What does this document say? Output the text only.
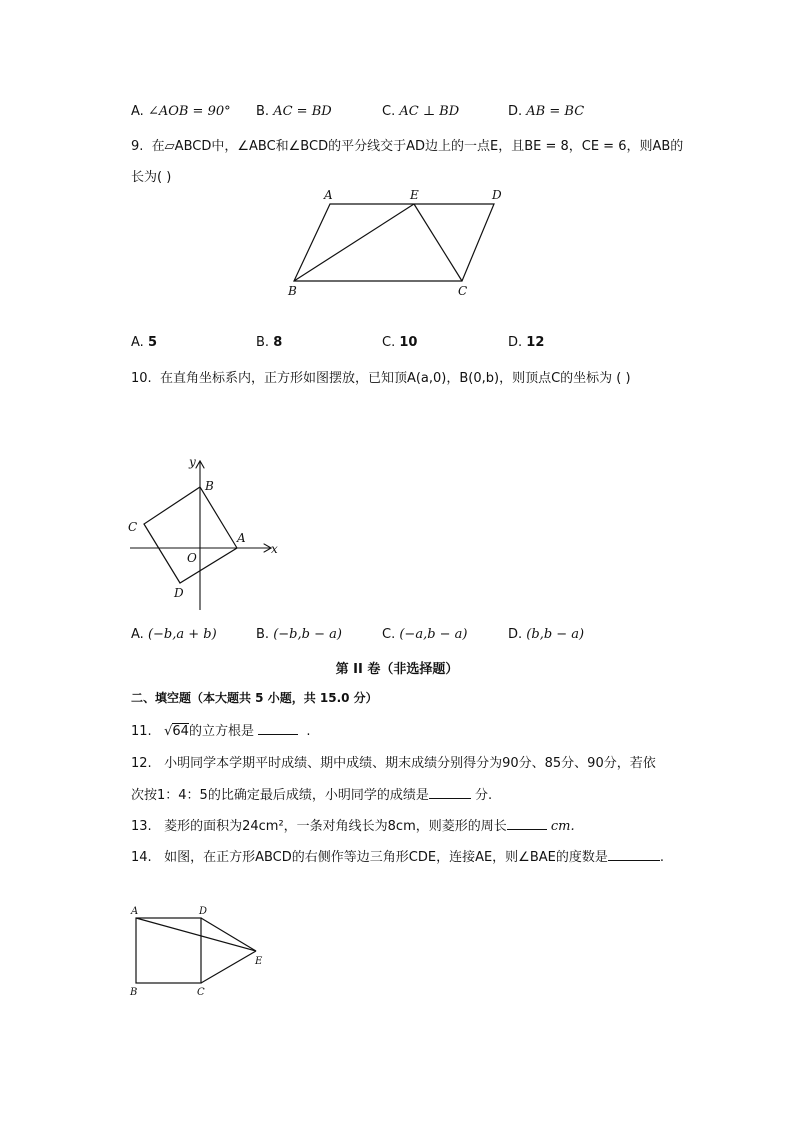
A. ∠AOB = 90° B. AC = BD	C. AC ⊥ BD	D. AB = BC
9. 在▱ABCD中，∠ABC和∠BCD的平分线交于AD边上的一点E，且BE = 8，CE = 6，则AB的
长为( )
A	E	D
B	C
A. 5	B. 8	C. 10	D. 12
10. 在直角坐标系内，正方形如图摆放，已知顶A(a,0)，B(0,b)，则顶点C的坐标为 ( )
y
x
B
C
A
O
D
A. (−b,a + b)	B. (−b,b − a)	C. (−a,b − a)	D. (b,b − a)
第 II 卷（非选择题）
二、填空题（本大题共 5 小题，共 15.0 分）
11. √64的立方根是	.
12. 小明同学本学期平时成绩、期中成绩、期末成绩分别得分为90分、85分、90分，若依
次按1：4：5的比确定最后成绩，小明同学的成绩是	分.
13. 菱形的面积为24cm²，一条对角线长为8cm，则菱形的周长	cm.
14. 如图，在正方形ABCD的右侧作等边三角形CDE，连接AE，则∠BAE的度数是	.
A	D
E
B	C
